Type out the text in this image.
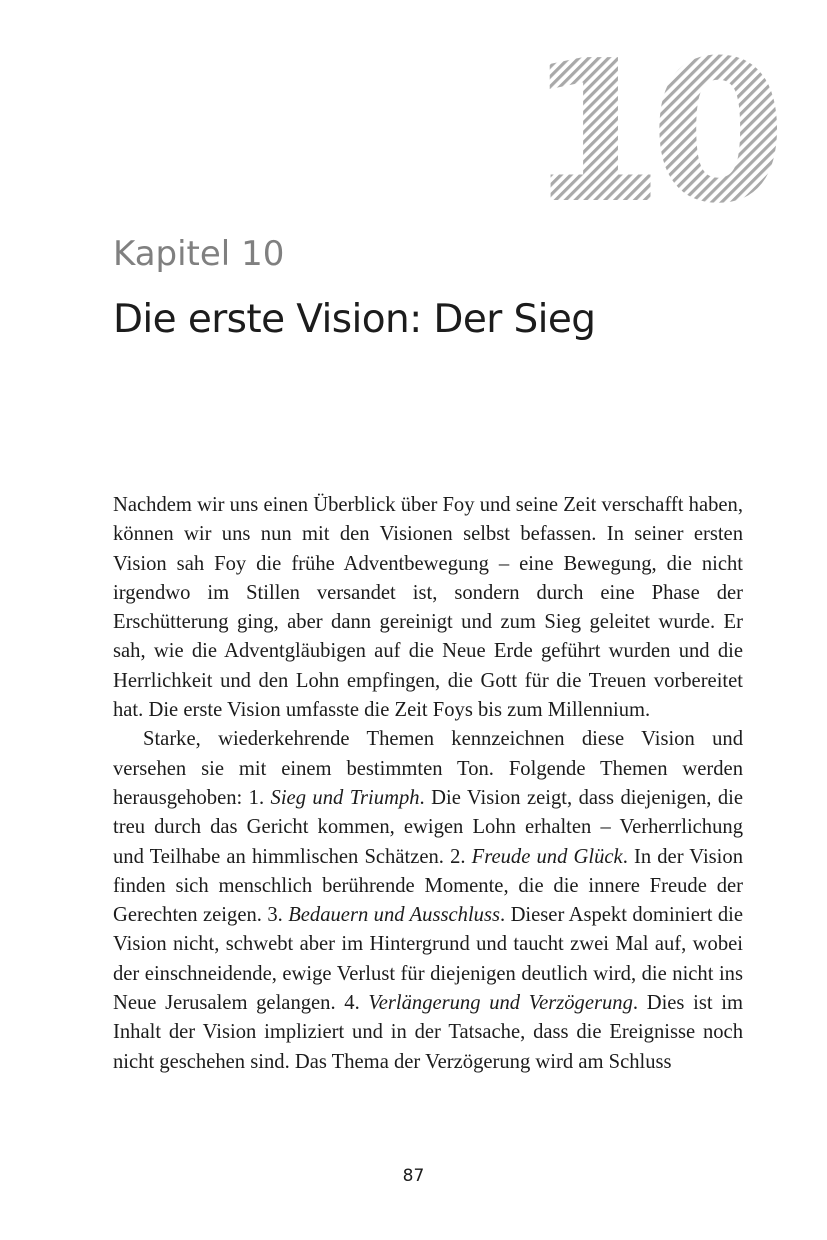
10
Kapitel 10
Die erste Vision: Der Sieg

Nachdem wir uns einen Überblick über Foy und seine Zeit verschafft haben, können wir uns nun mit den Visionen selbst befassen. In seiner ersten Vision sah Foy die frühe Adventbewegung – eine Bewegung, die nicht irgendwo im Stillen versandet ist, sondern durch eine Phase der Erschütterung ging, aber dann gereinigt und zum Sieg geleitet wurde. Er sah, wie die Adventgläubigen auf die Neue Erde geführt wurden und die Herrlichkeit und den Lohn empfingen, die Gott für die Treuen vorbereitet hat. Die erste Vision umfasste die Zeit Foys bis zum Millennium.

Starke, wiederkehrende Themen kennzeichnen diese Vision und versehen sie mit einem bestimmten Ton. Folgende Themen werden herausgehoben: 1. Sieg und Triumph. Die Vision zeigt, dass diejenigen, die treu durch das Gericht kommen, ewigen Lohn erhalten – Verherrlichung und Teilhabe an himmlischen Schätzen. 2. Freude und Glück. In der Vision finden sich menschlich berührende Momente, die die innere Freude der Gerechten zeigen. 3. Bedauern und Ausschluss. Dieser Aspekt dominiert die Vision nicht, schwebt aber im Hintergrund und taucht zwei Mal auf, wobei der einschneidende, ewige Verlust für diejenigen deutlich wird, die nicht ins Neue Jerusalem gelangen. 4. Verlängerung und Verzögerung. Dies ist im Inhalt der Vision impliziert und in der Tatsache, dass die Ereignisse noch nicht geschehen sind. Das Thema der Verzögerung wird am Schluss

87
